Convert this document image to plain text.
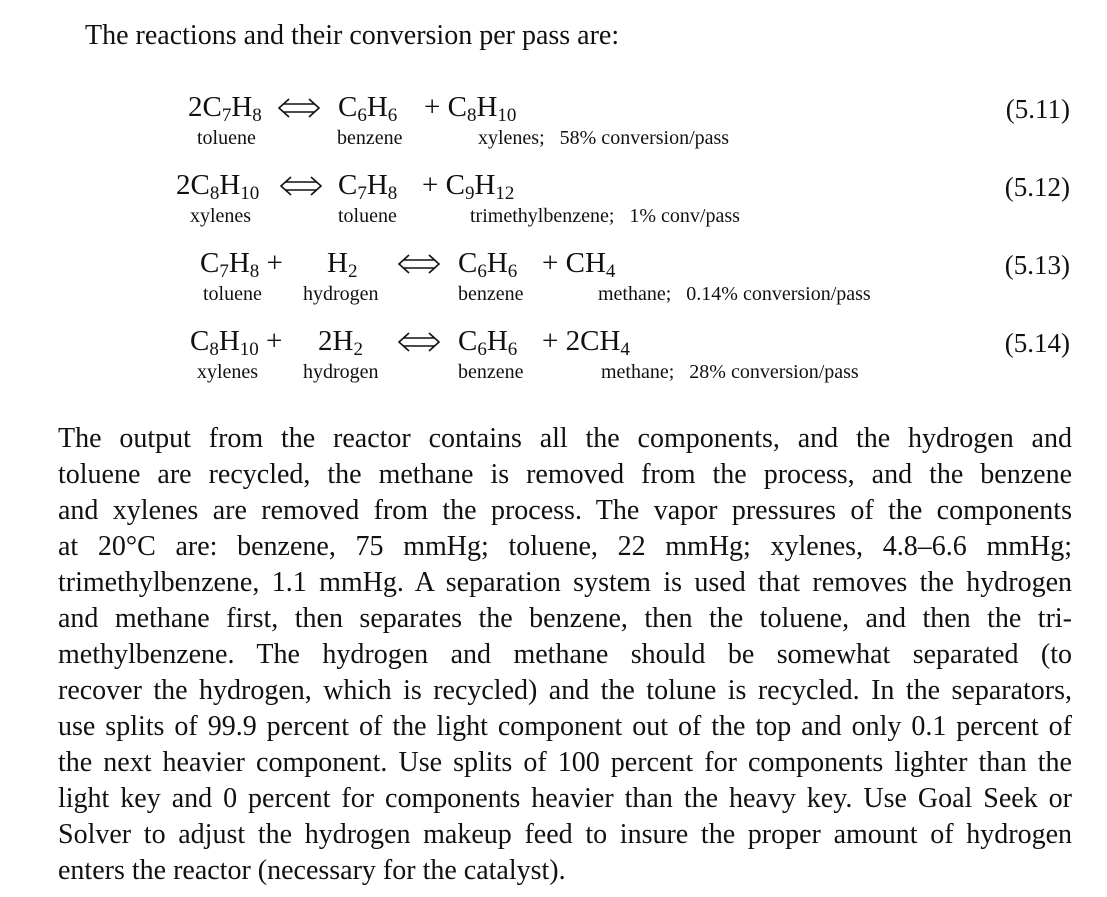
The reactions and their conversion per pass are:
$2C_7H_8$ ⇌ $C_6H_6 + C_8H_{10}$
toluene	benzene	xylenes;   58% conversion/pass
(5.11)
$2C_8H_{10}$ ⇌ $C_7H_8 + C_9H_{12}$
xylenes	toluene	trimethylbenzene;   1% conv/pass
(5.12)
$C_7H_8 + H_2$ ⇌ $C_6H_6 + CH_4$
toluene hydrogen	benzene	methane;   0.14% conversion/pass
(5.13)
$C_8H_{10} + 2H_2$ ⇌ $C_6H_6 + 2CH_4$
xylenes hydrogen	benzene	methane;   28% conversion/pass
(5.14)
The output from the reactor contains all the components, and the hydrogen and
toluene are recycled, the methane is removed from the process, and the benzene
and xylenes are removed from the process. The vapor pressures of the components
at 20°C are: benzene, 75 mmHg; toluene, 22 mmHg; xylenes, 4.8–6.6 mmHg;
trimethylbenzene, 1.1 mmHg. A separation system is used that removes the hydrogen
and methane first, then separates the benzene, then the toluene, and then the tri-
methylbenzene. The hydrogen and methane should be somewhat separated (to
recover the hydrogen, which is recycled) and the tolune is recycled. In the separators,
use splits of 99.9 percent of the light component out of the top and only 0.1 percent of
the next heavier component. Use splits of 100 percent for components lighter than the
light key and 0 percent for components heavier than the heavy key. Use Goal Seek or
Solver to adjust the hydrogen makeup feed to insure the proper amount of hydrogen
enters the reactor (necessary for the catalyst).
